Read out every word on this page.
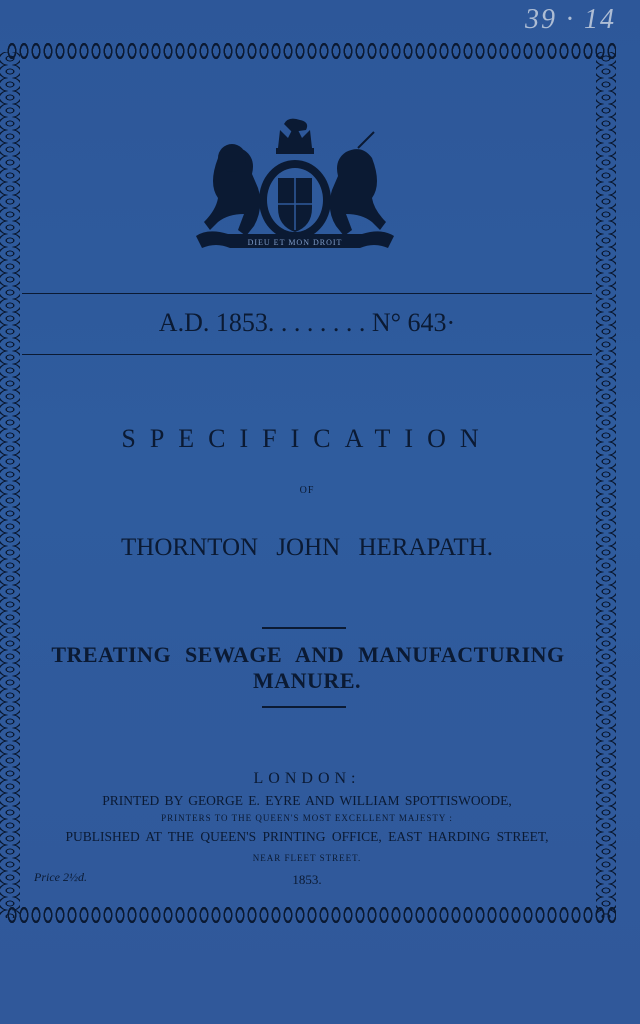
39 · 14
DIEU ET MON DROIT
A.D. 1853. . . . . . . . N° 643·
SPECIFICATION
OF
THORNTON JOHN HERAPATH.
TREATING SEWAGE AND MANUFACTURING
MANURE.
LONDON:
PRINTED BY GEORGE E. EYRE AND WILLIAM SPOTTISWOODE,
PRINTERS TO THE QUEEN'S MOST EXCELLENT MAJESTY :
PUBLISHED AT THE QUEEN'S PRINTING OFFICE, EAST HARDING STREET,
NEAR FLEET STREET.
1853.
Price 2½d.
